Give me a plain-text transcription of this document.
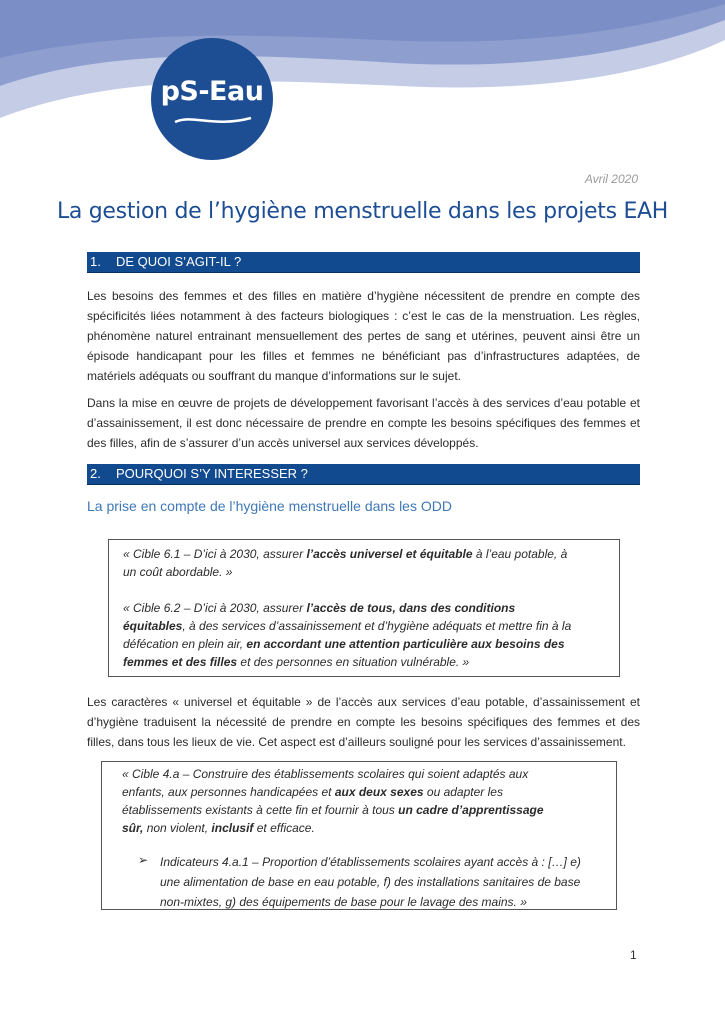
pS-Eau
Avril 2020
La gestion de l’hygiène menstruelle dans les projets EAH
1. DE QUOI S’AGIT-IL ?

Les besoins des femmes et des filles en matière d’hygiène nécessitent de prendre en compte des spécificités liées notamment à des facteurs biologiques : c’est le cas de la menstruation. Les règles, phénomène naturel entrainant mensuellement des pertes de sang et utérines, peuvent ainsi être un épisode handicapant pour les filles et femmes ne bénéficiant pas d’infrastructures adaptées, de matériels adéquats ou souffrant du manque d’informations sur le sujet.

Dans la mise en œuvre de projets de développement favorisant l’accès à des services d’eau potable et d’assainissement, il est donc nécessaire de prendre en compte les besoins spécifiques des femmes et des filles, afin de s’assurer d’un accès universel aux services développés.

2. POURQUOI S’Y INTERESSER ?
La prise en compte de l’hygiène menstruelle dans les ODD

« Cible 6.1 – D’ici à 2030, assurer l’accès universel et équitable à l’eau potable, à un coût abordable. »

« Cible 6.2 – D’ici à 2030, assurer l’accès de tous, dans des conditions équitables, à des services d’assainissement et d’hygiène adéquats et mettre fin à la défécation en plein air, en accordant une attention particulière aux besoins des femmes et des filles et des personnes en situation vulnérable. »

Les caractères « universel et équitable » de l’accès aux services d’eau potable, d’assainissement et d’hygiène traduisent la nécessité de prendre en compte les besoins spécifiques des femmes et des filles, dans tous les lieux de vie. Cet aspect est d’ailleurs souligné pour les services d’assainissement.

« Cible 4.a – Construire des établissements scolaires qui soient adaptés aux enfants, aux personnes handicapées et aux deux sexes ou adapter les établissements existants à cette fin et fournir à tous un cadre d’apprentissage sûr, non violent, inclusif et efficace.

➢ Indicateurs 4.a.1 – Proportion d’établissements scolaires ayant accès à : […] e) une alimentation de base en eau potable, f) des installations sanitaires de base non-mixtes, g) des équipements de base pour le lavage des mains. »

1
